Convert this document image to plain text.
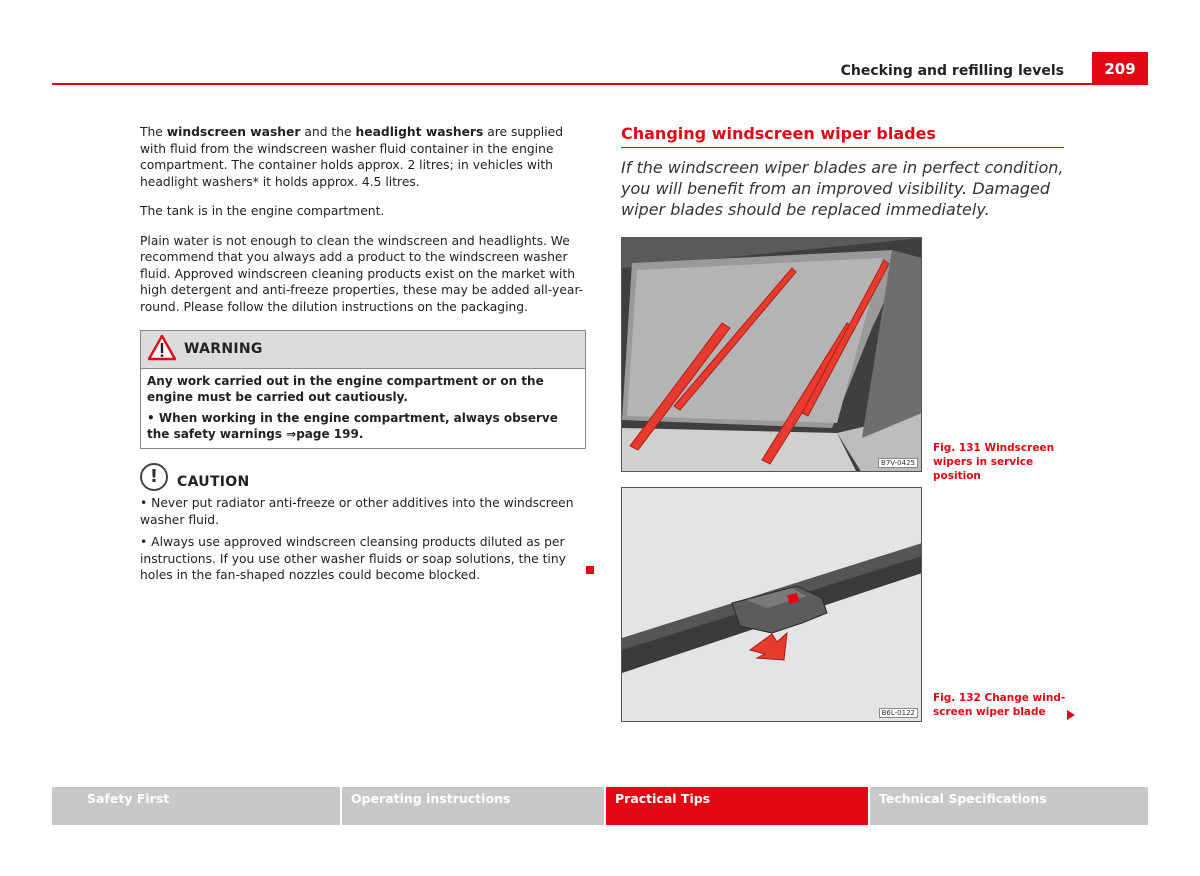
Checking and refilling levels	209

The windscreen washer and the headlight washers are supplied with fluid from the windscreen washer fluid container in the engine compartment. The container holds approx. 2 litres; in vehicles with headlight washers* it holds approx. 4.5 litres.

The tank is in the engine compartment.

Plain water is not enough to clean the windscreen and headlights. We recommend that you always add a product to the windscreen washer fluid. Approved windscreen cleaning products exist on the market with high detergent and anti-freeze properties, these may be added all-year-round. Please follow the dilution instructions on the packaging.

WARNING

Any work carried out in the engine compartment or on the engine must be carried out cautiously.

• When working in the engine compartment, always observe the safety warnings ⇒page 199.

!	CAUTION

• Never put radiator anti-freeze or other additives into the windscreen washer fluid.

• Always use approved windscreen cleansing products diluted as per instructions. If you use other washer fluids or soap solutions, the tiny holes in the fan-shaped nozzles could become blocked.

Changing windscreen wiper blades
If the windscreen wiper blades are in perfect condition, you will benefit from an improved visibility. Damaged wiper blades should be replaced immediately.
B7V-0425
Fig. 131 Windscreen wipers in service position
B6L-0122
Fig. 132 Change wind-screen wiper blade
Safety First	Operating instructions	Practical Tips	Technical Specifications
